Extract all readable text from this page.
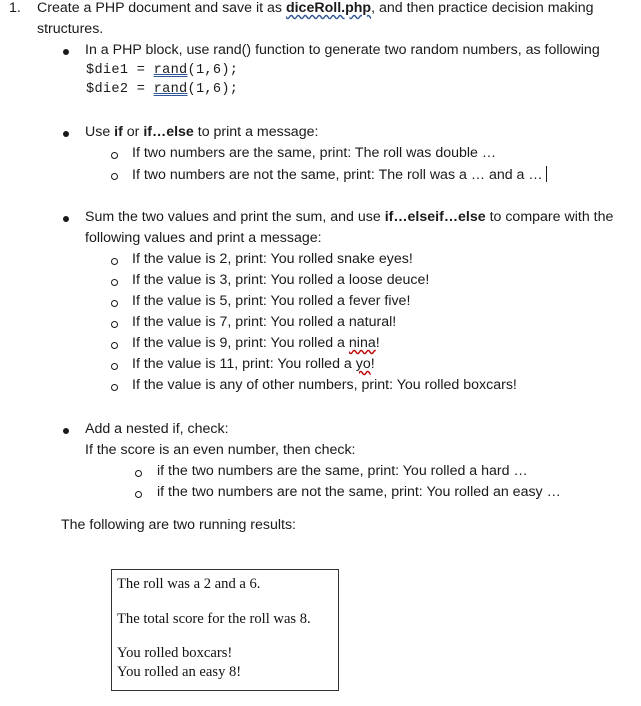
1. Create a PHP document and save it as diceRoll.php, and then practice decision making
structures.
In a PHP block, use rand() function to generate two random numbers, as following
$die1 = rand(1,6);
$die2 = rand(1,6);
Use if or if…else to print a message:
If two numbers are the same, print: The roll was double …
If two numbers are not the same, print: The roll was a … and a …
Sum the two values and print the sum, and use if…elseif…else to compare with the
following values and print a message:
If the value is 2, print: You rolled snake eyes!
If the value is 3, print: You rolled a loose deuce!
If the value is 5, print: You rolled a fever five!
If the value is 7, print: You rolled a natural!
If the value is 9, print: You rolled a nina!
If the value is 11, print: You rolled a yo!
If the value is any of other numbers, print: You rolled boxcars!
Add a nested if, check:
If the score is an even number, then check:
if the two numbers are the same, print: You rolled a hard …
if the two numbers are not the same, print: You rolled an easy …
The following are two running results:
The roll was a 2 and a 6.
The total score for the roll was 8.
You rolled boxcars!
You rolled an easy 8!
